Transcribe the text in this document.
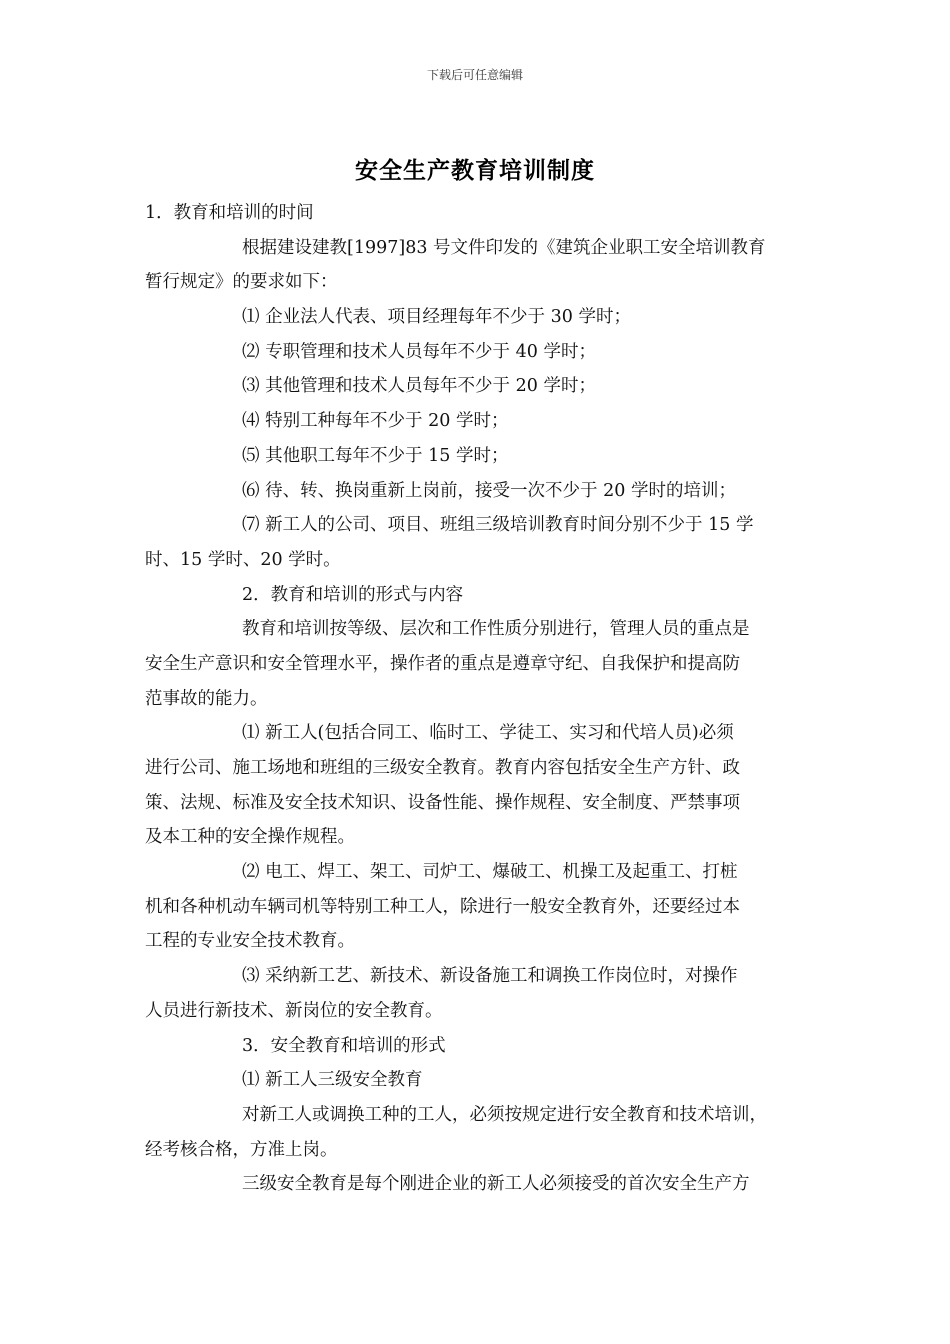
下载后可任意编辑
安全生产教育培训制度
1．教育和培训的时间
根据建设建教[1997]83 号文件印发的《建筑企业职工安全培训教育
暂行规定》的要求如下：
⑴ 企业法人代表、项目经理每年不少于 30 学时；
⑵ 专职管理和技术人员每年不少于 40 学时；
⑶ 其他管理和技术人员每年不少于 20 学时；
⑷ 特别工种每年不少于 20 学时；
⑸ 其他职工每年不少于 15 学时；
⑹ 待、转、换岗重新上岗前，接受一次不少于 20 学时的培训；
⑺ 新工人的公司、项目、班组三级培训教育时间分别不少于 15 学
时、15 学时、20 学时。
2．教育和培训的形式与内容
教育和培训按等级、层次和工作性质分别进行，管理人员的重点是
安全生产意识和安全管理水平，操作者的重点是遵章守纪、自我保护和提高防
范事故的能力。
⑴ 新工人(包括合同工、临时工、学徒工、实习和代培人员)必须
进行公司、施工场地和班组的三级安全教育。教育内容包括安全生产方针、政
策、法规、标准及安全技术知识、设备性能、操作规程、安全制度、严禁事项
及本工种的安全操作规程。
⑵ 电工、焊工、架工、司炉工、爆破工、机操工及起重工、打桩
机和各种机动车辆司机等特别工种工人，除进行一般安全教育外，还要经过本
工程的专业安全技术教育。
⑶ 采纳新工艺、新技术、新设备施工和调换工作岗位时，对操作
人员进行新技术、新岗位的安全教育。
3．安全教育和培训的形式
⑴ 新工人三级安全教育
对新工人或调换工种的工人，必须按规定进行安全教育和技术培训，
经考核合格，方准上岗。
三级安全教育是每个刚进企业的新工人必须接受的首次安全生产方
